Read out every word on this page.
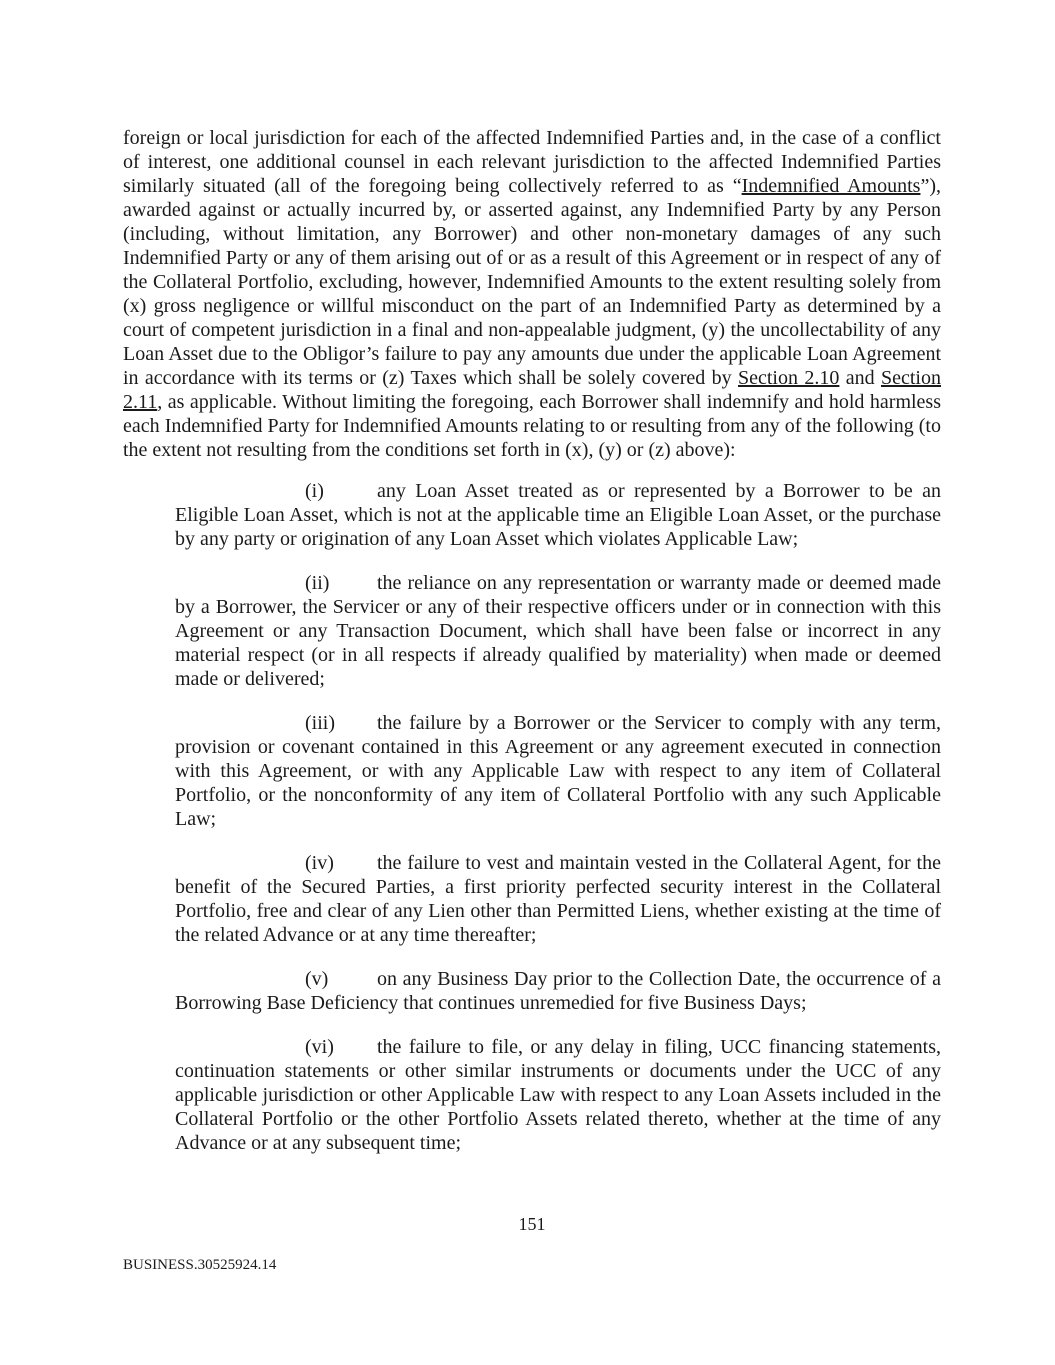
foreign or local jurisdiction for each of the affected Indemnified Parties and, in the case of a conflict of interest, one additional counsel in each relevant jurisdiction to the affected Indemnified Parties similarly situated (all of the foregoing being collectively referred to as “Indemnified Amounts”), awarded against or actually incurred by, or asserted against, any Indemnified Party by any Person (including, without limitation, any Borrower) and other non-monetary damages of any such Indemnified Party or any of them arising out of or as a result of this Agreement or in respect of any of the Collateral Portfolio, excluding, however, Indemnified Amounts to the extent resulting solely from (x) gross negligence or willful misconduct on the part of an Indemnified Party as determined by a court of competent jurisdiction in a final and non-appealable judgment, (y) the uncollectability of any Loan Asset due to the Obligor’s failure to pay any amounts due under the applicable Loan Agreement in accordance with its terms or (z) Taxes which shall be solely covered by Section 2.10 and Section 2.11, as applicable. Without limiting the foregoing, each Borrower shall indemnify and hold harmless each Indemnified Party for Indemnified Amounts relating to or resulting from any of the following (to the extent not resulting from the conditions set forth in (x), (y) or (z) above):

(i)	any Loan Asset treated as or represented by a Borrower to be an Eligible Loan Asset, which is not at the applicable time an Eligible Loan Asset, or the purchase by any party or origination of any Loan Asset which violates Applicable Law;

(ii) the reliance on any representation or warranty made or deemed made by a Borrower, the Servicer or any of their respective officers under or in connection with this Agreement or any Transaction Document, which shall have been false or incorrect in any material respect (or in all respects if already qualified by materiality) when made or deemed made or delivered;

(iii) the failure by a Borrower or the Servicer to comply with any term, provision or covenant contained in this Agreement or any agreement executed in connection with this Agreement, or with any Applicable Law with respect to any item of Collateral Portfolio, or the nonconformity of any item of Collateral Portfolio with any such Applicable Law;

(iv) the failure to vest and maintain vested in the Collateral Agent, for the benefit of the Secured Parties, a first priority perfected security interest in the Collateral Portfolio, free and clear of any Lien other than Permitted Liens, whether existing at the time of the related Advance or at any time thereafter;

(v) on any Business Day prior to the Collection Date, the occurrence of a Borrowing Base Deficiency that continues unremedied for five Business Days;

(vi) the failure to file, or any delay in filing, UCC financing statements, continuation statements or other similar instruments or documents under the UCC of any applicable jurisdiction or other Applicable Law with respect to any Loan Assets included in the Collateral Portfolio or the other Portfolio Assets related thereto, whether at the time of any Advance or at any subsequent time;

151
BUSINESS.30525924.14
